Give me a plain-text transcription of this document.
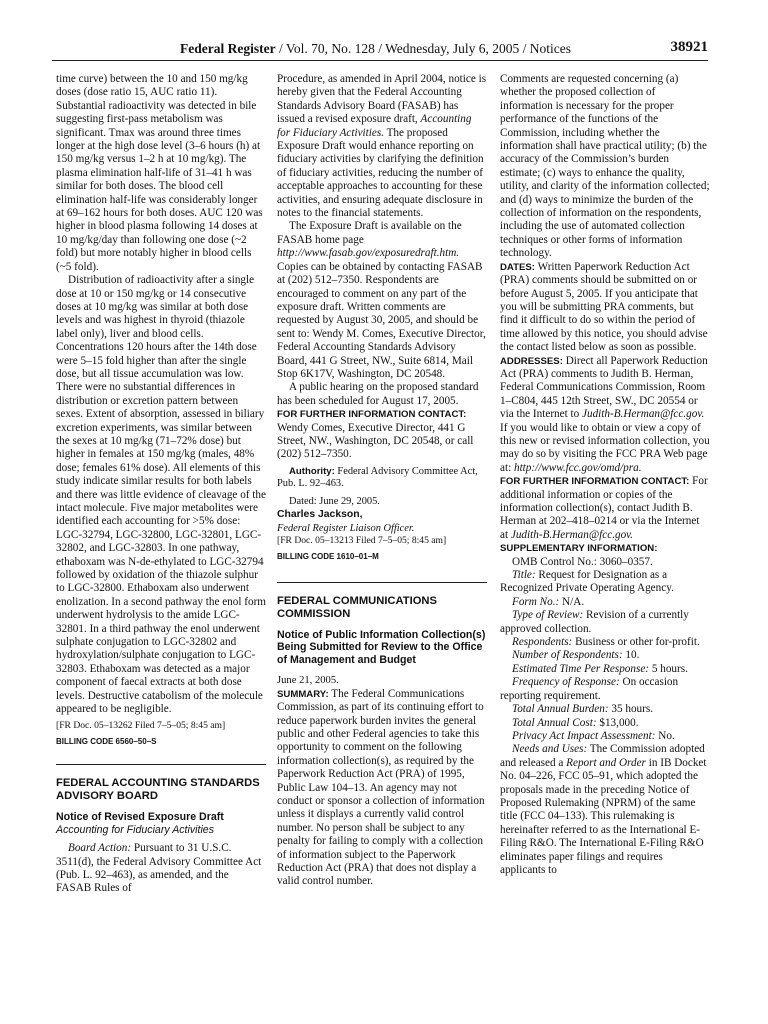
Federal Register / Vol. 70, No. 128 / Wednesday, July 6, 2005 / Notices	38921

time curve) between the 10 and 150 mg/kg doses (dose ratio 15, AUC ratio 11). Substantial radioactivity was detected in bile suggesting first-pass metabolism was significant. Tmax was around three times longer at the high dose level (3–6 hours (h) at 150 mg/kg versus 1–2 h at 10 mg/kg). The plasma elimination half-life of 31–41 h was similar for both doses. The blood cell elimination half-life was considerably longer at 69–162 hours for both doses. AUC 120 was higher in blood plasma following 14 doses at 10 mg/kg/day than following one dose (~2 fold) but more notably higher in blood cells (~5 fold).

Distribution of radioactivity after a single dose at 10 or 150 mg/kg or 14 consecutive doses at 10 mg/kg was similar at both dose levels and was highest in thyroid (thiazole label only), liver and blood cells. Concentrations 120 hours after the 14th dose were 5–15 fold higher than after the single dose, but all tissue accumulation was low. There were no substantial differences in distribution or excretion pattern between sexes. Extent of absorption, assessed in biliary excretion experiments, was similar between the sexes at 10 mg/kg (71–72% dose) but higher in females at 150 mg/kg (males, 48% dose; females 61% dose). All elements of this study indicate similar results for both labels and there was little evidence of cleavage of the intact molecule. Five major metabolites were identified each accounting for >5% dose: LGC-32794, LGC-32800, LGC-32801, LGC-32802, and LGC-32803. In one pathway, ethaboxam was N-de-ethylated to LGC-32794 followed by oxidation of the thiazole sulphur to LGC-32800. Ethaboxam also underwent enolization. In a second pathway the enol form underwent hydrolysis to the amide LGC-32801. In a third pathway the enol underwent sulphate conjugation to LGC-32802 and hydroxylation/sulphate conjugation to LGC-32803. Ethaboxam was detected as a major component of faecal extracts at both dose levels. Destructive catabolism of the molecule appeared to be negligible.

[FR Doc. 05–13262 Filed 7–5–05; 8:45 am]

BILLING CODE 6560–50–S

FEDERAL ACCOUNTING STANDARDS ADVISORY BOARD

Notice of Revised Exposure Draft

Accounting for Fiduciary Activities

Board Action: Pursuant to 31 U.S.C. 3511(d), the Federal Advisory Committee Act (Pub. L. 92–463), as amended, and the FASAB Rules of

Procedure, as amended in April 2004, notice is hereby given that the Federal Accounting Standards Advisory Board (FASAB) has issued a revised exposure draft, Accounting for Fiduciary Activities. The proposed Exposure Draft would enhance reporting on fiduciary activities by clarifying the definition of fiduciary activities, reducing the number of acceptable approaches to accounting for these activities, and ensuring adequate disclosure in notes to the financial statements.

The Exposure Draft is available on the FASAB home page http://www.fasab.gov/exposuredraft.htm. Copies can be obtained by contacting FASAB at (202) 512–7350. Respondents are encouraged to comment on any part of the exposure draft. Written comments are requested by August 30, 2005, and should be sent to: Wendy M. Comes, Executive Director, Federal Accounting Standards Advisory Board, 441 G Street, NW., Suite 6814, Mail Stop 6K17V, Washington, DC 20548.

A public hearing on the proposed standard has been scheduled for August 17, 2005.

FOR FURTHER INFORMATION CONTACT:

Wendy Comes, Executive Director, 441 G Street, NW., Washington, DC 20548, or call (202) 512–7350.

Authority: Federal Advisory Committee Act, Pub. L. 92–463.

Dated: June 29, 2005.

Charles Jackson,

Federal Register Liaison Officer.

[FR Doc. 05–13213 Filed 7–5–05; 8:45 am]

BILLING CODE 1610–01–M

FEDERAL COMMUNICATIONS COMMISSION

Notice of Public Information Collection(s) Being Submitted for Review to the Office of Management and Budget

June 21, 2005.

SUMMARY: The Federal Communications Commission, as part of its continuing effort to reduce paperwork burden invites the general public and other Federal agencies to take this opportunity to comment on the following information collection(s), as required by the Paperwork Reduction Act (PRA) of 1995, Public Law 104–13. An agency may not conduct or sponsor a collection of information unless it displays a currently valid control number. No person shall be subject to any penalty for failing to comply with a collection of information subject to the Paperwork Reduction Act (PRA) that does not display a valid control number.

Comments are requested concerning (a) whether the proposed collection of information is necessary for the proper performance of the functions of the Commission, including whether the information shall have practical utility; (b) the accuracy of the Commission’s burden estimate; (c) ways to enhance the quality, utility, and clarity of the information collected; and (d) ways to minimize the burden of the collection of information on the respondents, including the use of automated collection techniques or other forms of information technology.

DATES: Written Paperwork Reduction Act (PRA) comments should be submitted on or before August 5, 2005. If you anticipate that you will be submitting PRA comments, but find it difficult to do so within the period of time allowed by this notice, you should advise the contact listed below as soon as possible.

ADDRESSES: Direct all Paperwork Reduction Act (PRA) comments to Judith B. Herman, Federal Communications Commission, Room 1–C804, 445 12th Street, SW., DC 20554 or via the Internet to Judith-B.Herman@fcc.gov. If you would like to obtain or view a copy of this new or revised information collection, you may do so by visiting the FCC PRA Web page at: http://www.fcc.gov/omd/pra.

FOR FURTHER INFORMATION CONTACT: For additional information or copies of the information collection(s), contact Judith B. Herman at 202–418–0214 or via the Internet at Judith-B.Herman@fcc.gov.

SUPPLEMENTARY INFORMATION:

OMB Control No.: 3060–0357.

Title: Request for Designation as a Recognized Private Operating Agency.

Form No.: N/A.

Type of Review: Revision of a currently approved collection.

Respondents: Business or other for-profit.

Number of Respondents: 10.

Estimated Time Per Response: 5 hours.

Frequency of Response: On occasion reporting requirement.

Total Annual Burden: 35 hours.

Total Annual Cost: $13,000.

Privacy Act Impact Assessment: No.

Needs and Uses: The Commission adopted and released a Report and Order in IB Docket No. 04–226, FCC 05–91, which adopted the proposals made in the preceding Notice of Proposed Rulemaking (NPRM) of the same title (FCC 04–133). This rulemaking is hereinafter referred to as the International E-Filing R&O. The International E-Filing R&O eliminates paper filings and requires applicants to
